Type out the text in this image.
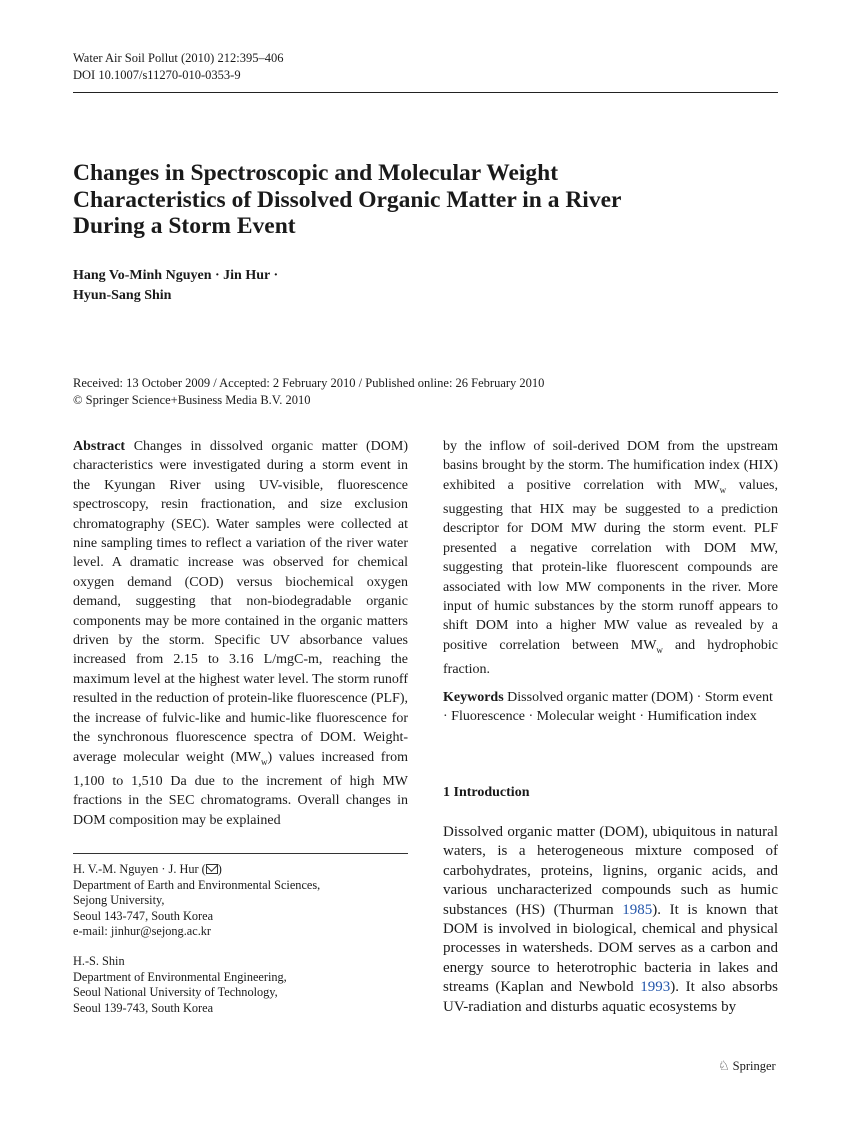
Water Air Soil Pollut (2010) 212:395–406
DOI 10.1007/s11270-010-0353-9
Changes in Spectroscopic and Molecular Weight
Characteristics of Dissolved Organic Matter in a River
During a Storm Event
Hang Vo-Minh Nguyen · Jin Hur ·
Hyun-Sang Shin
Received: 13 October 2009 / Accepted: 2 February 2010 / Published online: 26 February 2010
© Springer Science+Business Media B.V. 2010

Abstract Changes in dissolved organic matter (DOM) characteristics were investigated during a storm event in the Kyungan River using UV-visible, fluorescence spectroscopy, resin fractionation, and size exclusion chromatography (SEC). Water samples were collected at nine sampling times to reflect a variation of the river water level. A dramatic increase was observed for chemical oxygen demand (COD) versus biochemical oxygen demand, suggesting that non-biodegradable organic components may be more contained in the organic matters driven by the storm. Specific UV absorbance values increased from 2.15 to 3.16 L/mgC-m, reaching the maximum level at the highest water level. The storm runoff resulted in the reduction of protein-like fluorescence (PLF), the increase of fulvic-like and humic-like fluorescence for the synchronous fluorescence spectra of DOM. Weight-average molecular weight $(MW_w)$ values increased from 1,100 to 1,510 Da due to the increment of high MW fractions in the SEC chromatograms. Overall changes in DOM composition may be explained

by the inflow of soil-derived DOM from the upstream basins brought by the storm. The humification index (HIX) exhibited a positive correlation with $MW_w$ values, suggesting that HIX may be suggested to a prediction descriptor for DOM MW during the storm event. PLF presented a negative correlation with DOM MW, suggesting that protein-like fluorescent compounds are associated with low MW components in the river. More input of humic substances by the storm runoff appears to shift DOM into a higher MW value as revealed by a positive correlation between $MW_w$ and hydrophobic fraction.

Keywords Dissolved organic matter (DOM) · Storm event · Fluorescence · Molecular weight · Humification index
1 Introduction
Dissolved organic matter (DOM), ubiquitous in natural waters, is a heterogeneous mixture composed of carbohydrates, proteins, lignins, organic acids, and various uncharacterized compounds such as humic substances (HS) (Thurman 1985). It is known that DOM is involved in biological, chemical and physical processes in watersheds. DOM serves as a carbon and energy source to heterotrophic bacteria in lakes and streams (Kaplan and Newbold 1993). It also absorbs UV-radiation and disturbs aquatic ecosystems by
H. V.-M. Nguyen · J. Hur ( )
Department of Earth and Environmental Sciences,
Sejong University,
Seoul 143-747, South Korea
e-mail: jinhur@sejong.ac.kr
H.-S. Shin
Department of Environmental Engineering,
Seoul National University of Technology,
Seoul 139-743, South Korea
♘ Springer
